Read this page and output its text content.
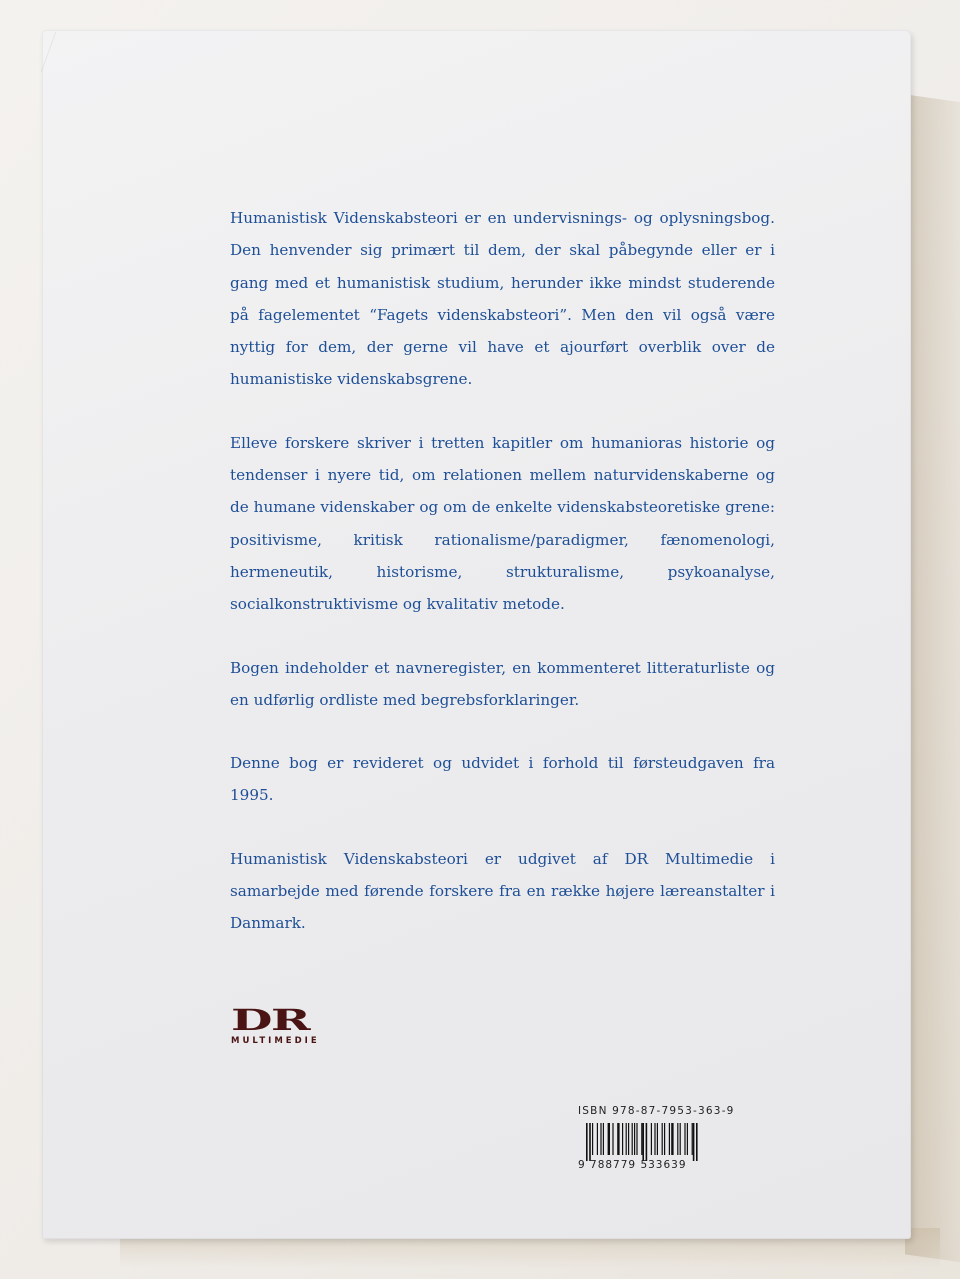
Humanistisk Videnskabsteori er en undervisnings- og oplysningsbog. Den henvender sig primært til dem, der skal påbegynde eller er i gang med et humanistisk studium, herunder ikke mindst studerende på fagelementet “Fagets videnskabsteori”. Men den vil også være nyttig for dem, der gerne vil have et ajourført overblik over de humanistiske videnskabsgrene.

Elleve forskere skriver i tretten kapitler om humanioras historie og tendenser i nyere tid, om relationen mellem naturvidenskaberne og de humane videnskaber og om de enkelte videnskabsteoretiske grene: positivisme, kritisk rationalisme/paradigmer, fænomenologi, hermeneutik, historisme, strukturalisme, psykoanalyse, socialkonstruktivisme og kvalitativ metode.

Bogen indeholder et navneregister, en kommenteret litteraturliste og en udførlig ordliste med begrebsforklaringer.

Denne bog er revideret og udvidet i forhold til førsteudgaven fra 1995.

Humanistisk Videnskabsteori er udgivet af DR Multimedie i samarbejde med førende forskere fra en række højere læreanstalter i Danmark.

DR
MULTIMEDIE
ISBN 978-87-7953-363-9
9 788779 533639
